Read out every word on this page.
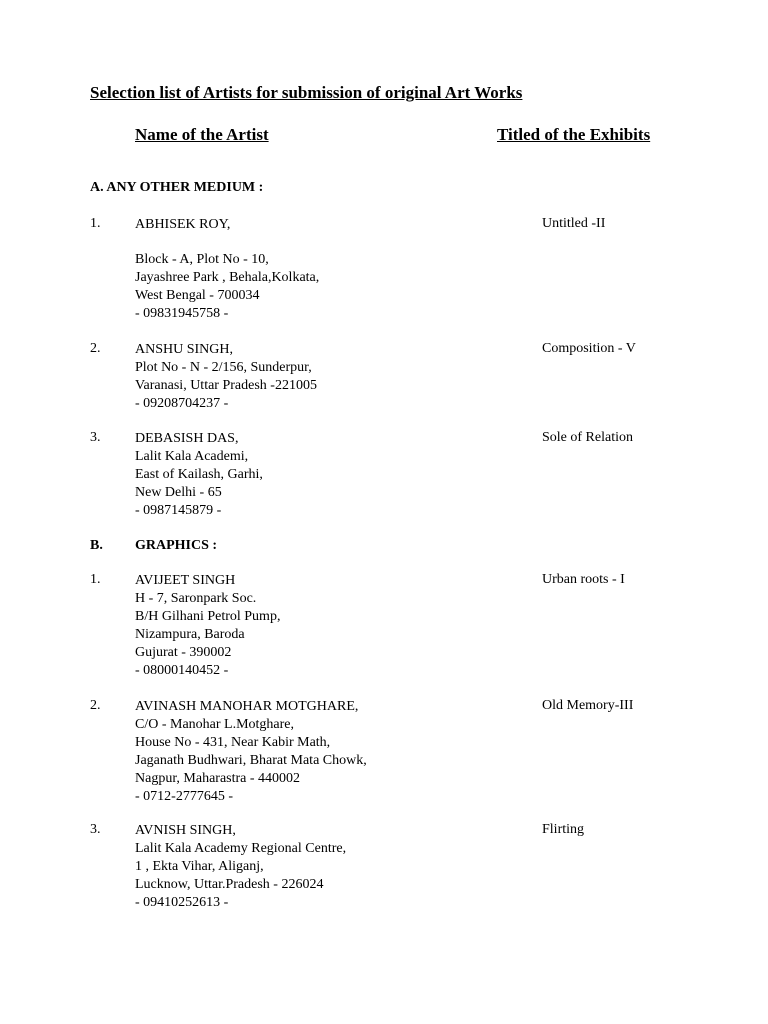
Selection list of Artists for submission of original Art Works
Name of the Artist	Titled of the Exhibits
A. ANY OTHER MEDIUM :
1. ABHISEK ROY,
Block - A, Plot No - 10,
Jayashree Park , Behala,Kolkata,
West Bengal - 700034
- 09831945758 -
Untitled -II
2. ANSHU SINGH,
Plot No - N - 2/156, Sunderpur,
Varanasi, Uttar Pradesh -221005
- 09208704237 -
Composition - V
3. DEBASISH DAS,
Lalit Kala Academi,
East of Kailash, Garhi,
New Delhi - 65
- 0987145879 -
Sole of Relation
B. GRAPHICS :
1. AVIJEET SINGH
H - 7, Saronpark Soc.
B/H Gilhani Petrol Pump,
Nizampura, Baroda
Gujurat - 390002
- 08000140452 -
Urban roots - I
2. AVINASH MANOHAR MOTGHARE,
C/O - Manohar L.Motghare,
House No - 431, Near Kabir Math,
Jaganath Budhwari, Bharat Mata Chowk,
Nagpur, Maharastra - 440002
- 0712-2777645 -
Old Memory-III
3. AVNISH SINGH,
Lalit Kala Academy Regional Centre,
1 , Ekta Vihar, Aliganj,
Lucknow, Uttar.Pradesh - 226024
- 09410252613 -
Flirting
